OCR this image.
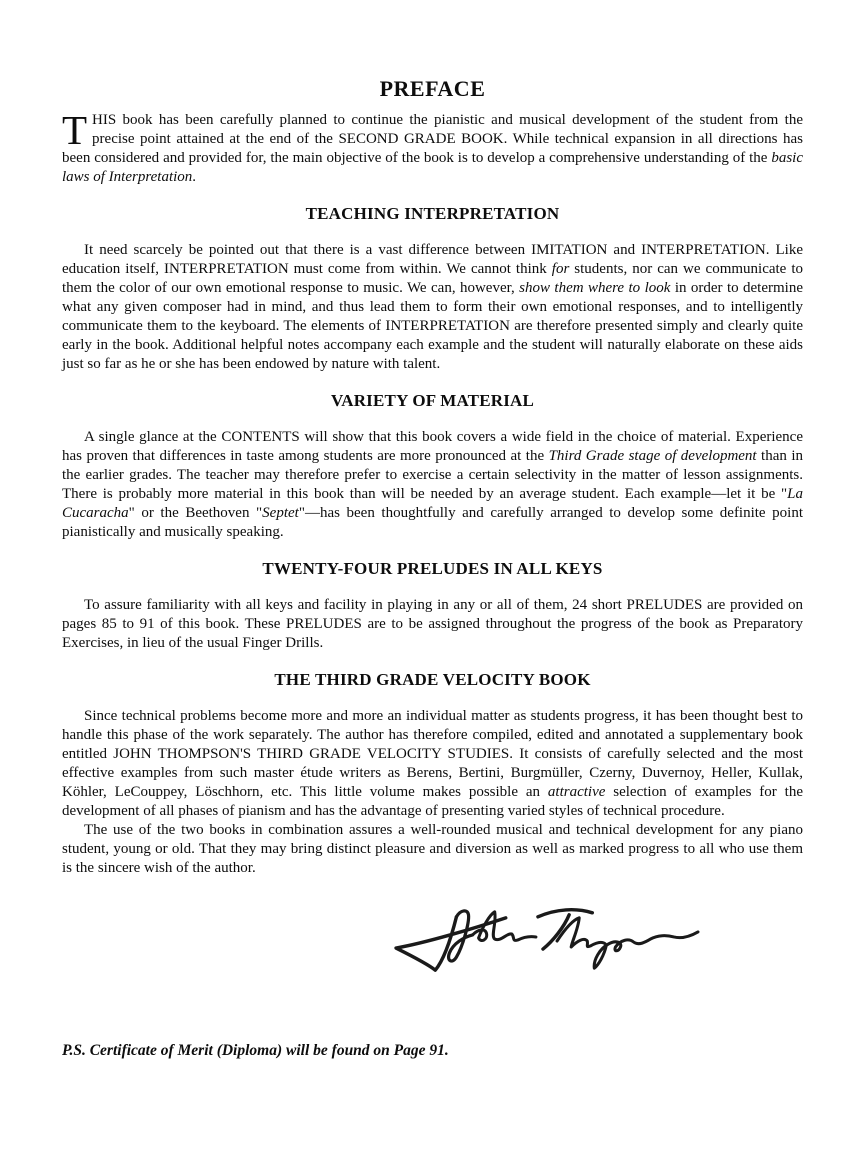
PREFACE

THIS book has been carefully planned to continue the pianistic and musical development of the student from the precise point attained at the end of the SECOND GRADE BOOK. While technical expansion in all directions has been considered and provided for, the main objective of the book is to develop a comprehensive understanding of the basic laws of Interpretation.

TEACHING INTERPRETATION

It need scarcely be pointed out that there is a vast difference between IMITATION and INTERPRETATION. Like education itself, INTERPRETATION must come from within. We cannot think for students, nor can we communicate to them the color of our own emotional response to music. We can, however, show them where to look in order to determine what any given composer had in mind, and thus lead them to form their own emotional responses, and to intelligently communicate them to the keyboard. The elements of INTERPRETATION are therefore presented simply and clearly quite early in the book. Additional helpful notes accompany each example and the student will naturally elaborate on these aids just so far as he or she has been endowed by nature with talent.

VARIETY OF MATERIAL

A single glance at the CONTENTS will show that this book covers a wide field in the choice of material. Experience has proven that differences in taste among students are more pronounced at the Third Grade stage of development than in the earlier grades. The teacher may therefore prefer to exercise a certain selectivity in the matter of lesson assignments. There is probably more material in this book than will be needed by an average student. Each example—let it be "La Cucaracha" or the Beethoven "Septet"—has been thoughtfully and carefully arranged to develop some definite point pianistically and musically speaking.

TWENTY-FOUR PRELUDES IN ALL KEYS

To assure familiarity with all keys and facility in playing in any or all of them, 24 short PRELUDES are provided on pages 85 to 91 of this book. These PRELUDES are to be assigned throughout the progress of the book as Preparatory Exercises, in lieu of the usual Finger Drills.

THE THIRD GRADE VELOCITY BOOK

Since technical problems become more and more an individual matter as students progress, it has been thought best to handle this phase of the work separately. The author has therefore compiled, edited and annotated a supplementary book entitled JOHN THOMPSON'S THIRD GRADE VELOCITY STUDIES. It consists of carefully selected and the most effective examples from such master étude writers as Berens, Bertini, Burgmüller, Czerny, Duvernoy, Heller, Kullak, Köhler, LeCouppey, Löschhorn, etc. This little volume makes possible an attractive selection of examples for the development of all phases of pianism and has the advantage of presenting varied styles of technical procedure.

The use of the two books in combination assures a well-rounded musical and technical development for any piano student, young or old. That they may bring distinct pleasure and diversion as well as marked progress to all who use them is the sincere wish of the author.

P.S. Certificate of Merit (Diploma) will be found on Page 91.
